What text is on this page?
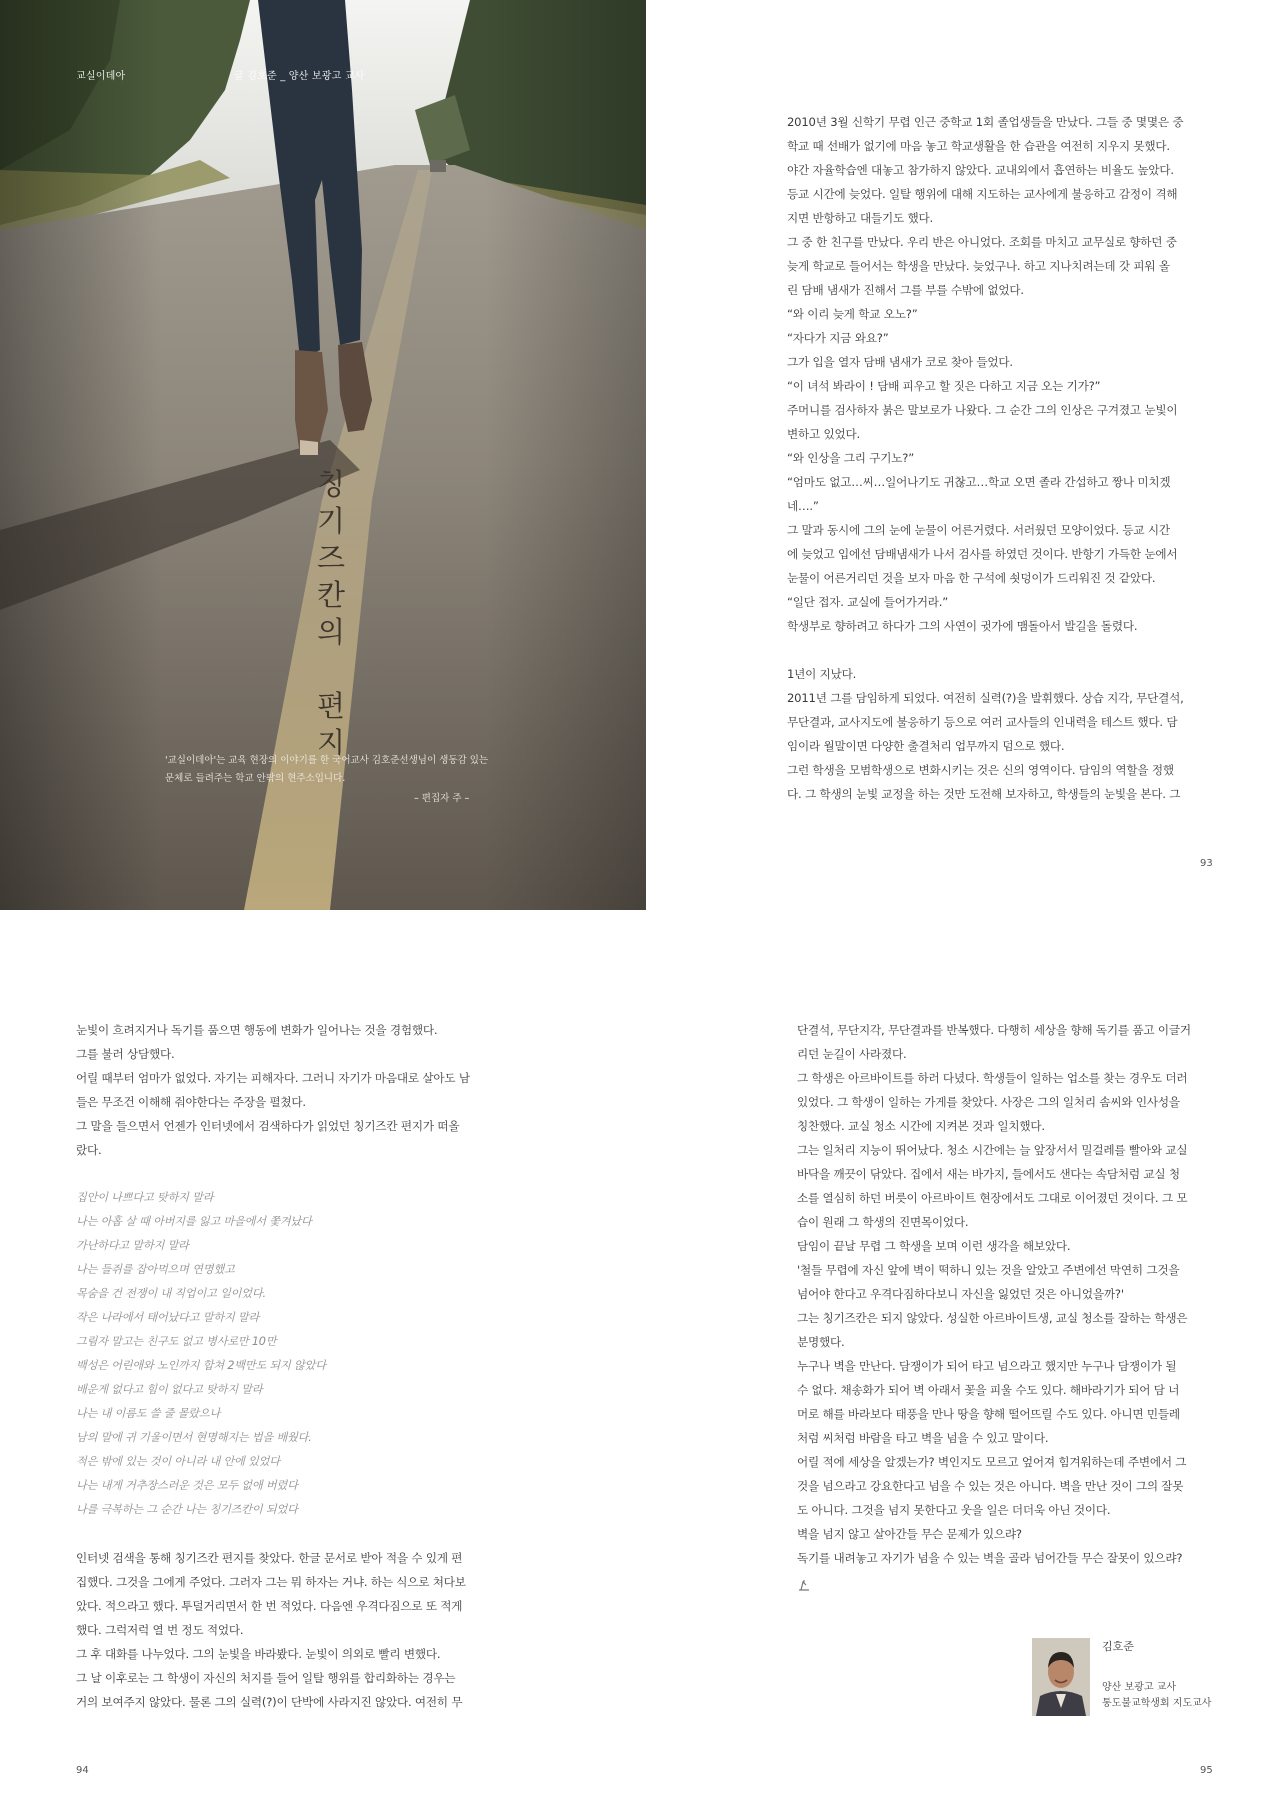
교실이데아	글 김호준 _ 양산 보광고 교사
칭
기
즈
칸
의

편
지
'교실이데아'는 교육 현장의 이야기를 한 국어교사 김호준선생님이 생동감 있는
문체로 들려주는 학교 안팎의 현주소입니다.
– 편집자 주 –

2010년 3월 신학기 무렵 인근 중학교 1회 졸업생들을 만났다. 그들 중 몇몇은 중

학교 때 선배가 없기에 마음 놓고 학교생활을 한 습관을 여전히 지우지 못했다.

야간 자율학습엔 대놓고 참가하지 않았다. 교내외에서 흡연하는 비율도 높았다.

등교 시간에 늦었다. 일탈 행위에 대해 지도하는 교사에게 불응하고 감정이 격해

지면 반항하고 대들기도 했다.

그 중 한 친구를 만났다. 우리 반은 아니었다. 조회를 마치고 교무실로 향하던 중

늦게 학교로 들어서는 학생을 만났다. 늦었구나. 하고 지나치려는데 갓 피워 올

린 담배 냄새가 진해서 그를 부를 수밖에 없었다.

“와 이리 늦게 학교 오노?”

“자다가 지금 와요?”

그가 입을 열자 담배 냄새가 코로 찾아 들었다.

“이 녀석 봐라이 ! 담배 피우고 할 짓은 다하고 지금 오는 기가?”

주머니를 검사하자 붉은 말보로가 나왔다. 그 순간 그의 인상은 구겨졌고 눈빛이

변하고 있었다.

“와 인상을 그리 구기노?”

“엄마도 없고…씨…일어나기도 귀찮고…학교 오면 졸라 간섭하고 짱나 미치겠

네….”

그 말과 동시에 그의 눈에 눈물이 어른거렸다. 서러웠던 모양이었다. 등교 시간

에 늦었고 입에선 담배냄새가 나서 검사를 하였던 것이다. 반항기 가득한 눈에서

눈물이 어른거리던 것을 보자 마음 한 구석에 쇳덩이가 드리워진 것 같았다.

“일단 접자. 교실에 들어가거라.”

학생부로 향하려고 하다가 그의 사연이 귓가에 맴돌아서 발길을 돌렸다.

1년이 지났다.

2011년 그를 담임하게 되었다. 여전히 실력(?)을 발휘했다. 상습 지각, 무단결석,

무단결과, 교사지도에 불응하기 등으로 여러 교사들의 인내력을 테스트 했다. 담

임이라 월말이면 다양한 출결처리 업무까지 덤으로 했다.

그런 학생을 모범학생으로 변화시키는 것은 신의 영역이다. 담임의 역할을 정했

다. 그 학생의 눈빛 교정을 하는 것만 도전해 보자하고, 학생들의 눈빛을 본다. 그

93

눈빛이 흐려지거나 독기를 품으면 행동에 변화가 일어나는 것을 경험했다.

그를 불러 상담했다.

어릴 때부터 엄마가 없었다. 자기는 피해자다. 그러니 자기가 마음대로 살아도 남

들은 무조건 이해해 줘야한다는 주장을 펼쳤다.

그 말을 들으면서 언젠가 인터넷에서 검색하다가 읽었던 칭기즈칸 편지가 떠올

랐다.

집안이 나쁘다고 탓하지 말라

나는 아홉 살 때 아버지를 잃고 마을에서 쫓겨났다

가난하다고 말하지 말라

나는 들쥐를 잡아먹으며 연명했고

목숨을 건 전쟁이 내 직업이고 일이었다.

작은 나라에서 태어났다고 말하지 말라

그림자 말고는 친구도 없고 병사로만 10만

백성은 어린애와 노인까지 합쳐 2백만도 되지 않았다

배운게 없다고 힘이 없다고 탓하지 말라

나는 내 이름도 쓸 줄 몰랐으나

남의 말에 귀 기울이면서 현명해지는 법을 배웠다.

적은 밖에 있는 것이 아니라 내 안에 있었다

나는 내게 거추장스러운 것은 모두 없애 버렸다

나를 극복하는 그 순간 나는 칭기즈칸이 되었다

인터넷 검색을 통해 칭기즈칸 편지를 찾았다. 한글 문서로 받아 적을 수 있게 편

집했다. 그것을 그에게 주었다. 그러자 그는 뭐 하자는 거냐. 하는 식으로 쳐다보

았다. 적으라고 했다. 투덜거리면서 한 번 적었다. 다음엔 우격다짐으로 또 적게

했다. 그럭저럭 열 번 정도 적었다.

그 후 대화를 나누었다. 그의 눈빛을 바라봤다. 눈빛이 의외로 빨리 변했다.

그 날 이후로는 그 학생이 자신의 처지를 들어 일탈 행위를 합리화하는 경우는

거의 보여주지 않았다. 물론 그의 실력(?)이 단박에 사라지진 않았다. 여전히 무

94

단결석, 무단지각, 무단결과를 반복했다. 다행히 세상을 향해 독기를 품고 이글거

리던 눈길이 사라졌다.

그 학생은 아르바이트를 하러 다녔다. 학생들이 일하는 업소를 찾는 경우도 더러

있었다. 그 학생이 일하는 가게를 찾았다. 사장은 그의 일처리 솜씨와 인사성을

칭찬했다. 교실 청소 시간에 지켜본 것과 일치했다.

그는 일처리 지능이 뛰어났다. 청소 시간에는 늘 앞장서서 밀걸레를 빨아와 교실

바닥을 깨끗이 닦았다. 집에서 새는 바가지, 들에서도 샌다는 속담처럼 교실 청

소를 열심히 하던 버릇이 아르바이트 현장에서도 그대로 이어졌던 것이다. 그 모

습이 원래 그 학생의 진면목이었다.

담임이 끝날 무렵 그 학생을 보며 이런 생각을 해보았다.

'철들 무렵에 자신 앞에 벽이 떡하니 있는 것을 알았고 주변에선 막연히 그것을

넘어야 한다고 우격다짐하다보니 자신을 잃었던 것은 아니었을까?'

그는 칭기즈칸은 되지 않았다. 성실한 아르바이트생, 교실 청소를 잘하는 학생은

분명했다.

누구나 벽을 만난다. 담쟁이가 되어 타고 넘으라고 했지만 누구나 담쟁이가 될

수 없다. 채송화가 되어 벽 아래서 꽃을 피울 수도 있다. 해바라기가 되어 담 너

머로 해를 바라보다 태풍을 만나 땅을 향해 떨어뜨릴 수도 있다. 아니면 민들레

처럼 씨처럼 바람을 타고 벽을 넘을 수 있고 말이다.

어릴 적에 세상을 알겠는가? 벽인지도 모르고 엎어져 힘겨워하는데 주변에서 그

것을 넘으라고 강요한다고 넘을 수 있는 것은 아니다. 벽을 만난 것이 그의 잘못

도 아니다. 그것을 넘지 못한다고 웃을 일은 더더욱 아닌 것이다.

벽을 넘지 않고 살아간들 무슨 문제가 있으랴?

독기를 내려놓고 자기가 넘을 수 있는 벽을 골라 넘어간들 무슨 잘못이 있으랴?

김호준
양산 보광고 교사
통도불교학생회 지도교사
95
